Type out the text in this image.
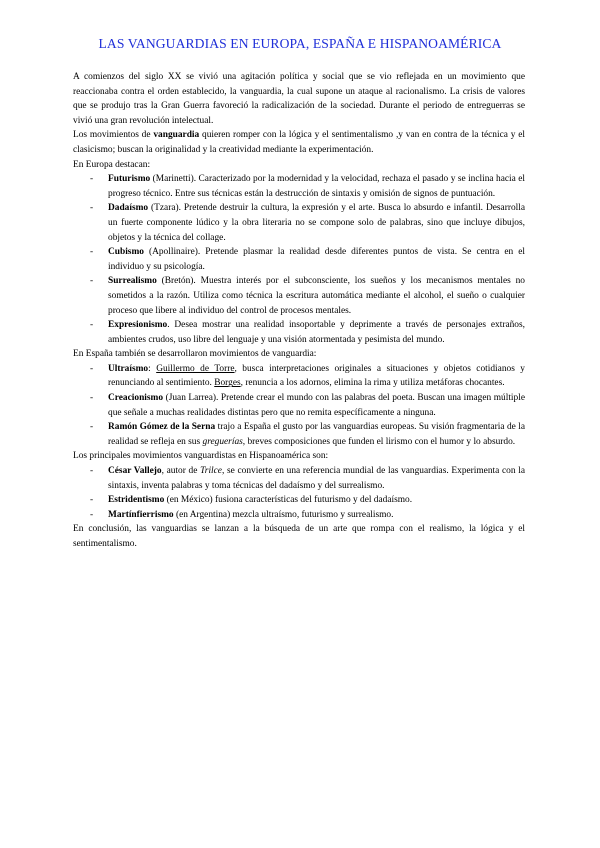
LAS VANGUARDIAS EN EUROPA, ESPAÑA E HISPANOAMÉRICA

A comienzos del siglo XX se vivió una agitación política y social que se vio reflejada en un movimiento que reaccionaba contra el orden establecido, la vanguardia, la cual supone un ataque al racionalismo. La crisis de valores que se produjo tras la Gran Guerra favoreció la radicalización de la sociedad. Durante el periodo de entreguerras se vivió una gran revolución intelectual.

Los movimientos de vanguardia quieren romper con la lógica y el sentimentalismo ,y van en contra de la técnica y el clasicismo; buscan la originalidad y la creatividad mediante la experimentación.

En Europa destacan:

- Futurismo (Marinetti). Caracterizado por la modernidad y la velocidad, rechaza el pasado y se inclina hacia el progreso técnico. Entre sus técnicas están la destrucción de sintaxis y omisión de signos de puntuación.

- Dadaísmo (Tzara). Pretende destruir la cultura, la expresión y el arte. Busca lo absurdo e infantil. Desarrolla un fuerte componente lúdico y la obra literaria no se compone solo de palabras, sino que incluye dibujos, objetos y la técnica del collage.

- Cubismo (Apollinaire). Pretende plasmar la realidad desde diferentes puntos de vista. Se centra en el individuo y su psicología.

- Surrealismo (Bretón). Muestra interés por el subconsciente, los sueños y los mecanismos mentales no sometidos a la razón. Utiliza como técnica la escritura automática mediante el alcohol, el sueño o cualquier proceso que libere al individuo del control de procesos mentales.

- Expresionismo. Desea mostrar una realidad insoportable y deprimente a través de personajes extraños, ambientes crudos, uso libre del lenguaje y una visión atormentada y pesimista del mundo.

En España también se desarrollaron movimientos de vanguardia:

- Ultraísmo: Guillermo de Torre, busca interpretaciones originales a situaciones y objetos cotidianos y renunciando al sentimiento. Borges, renuncia a los adornos, elimina la rima y utiliza metáforas chocantes.

- Creacionismo (Juan Larrea). Pretende crear el mundo con las palabras del poeta. Buscan una imagen múltiple que señale a muchas realidades distintas pero que no remita específicamente a ninguna.

- Ramón Gómez de la Serna trajo a España el gusto por las vanguardias europeas. Su visión fragmentaria de la realidad se refleja en sus greguerías, breves composiciones que funden el lirismo con el humor y lo absurdo.

Los principales movimientos vanguardistas en Hispanoamérica son:

- César Vallejo, autor de Trilce, se convierte en una referencia mundial de las vanguardias. Experimenta con la sintaxis, inventa palabras y toma técnicas del dadaísmo y del surrealismo.

- Estridentismo (en México) fusiona características del futurismo y del dadaísmo.

- Martínfierrismo (en Argentina) mezcla ultraísmo, futurismo y surrealismo.

En conclusión, las vanguardias se lanzan a la búsqueda de un arte que rompa con el realismo, la lógica y el sentimentalismo.
